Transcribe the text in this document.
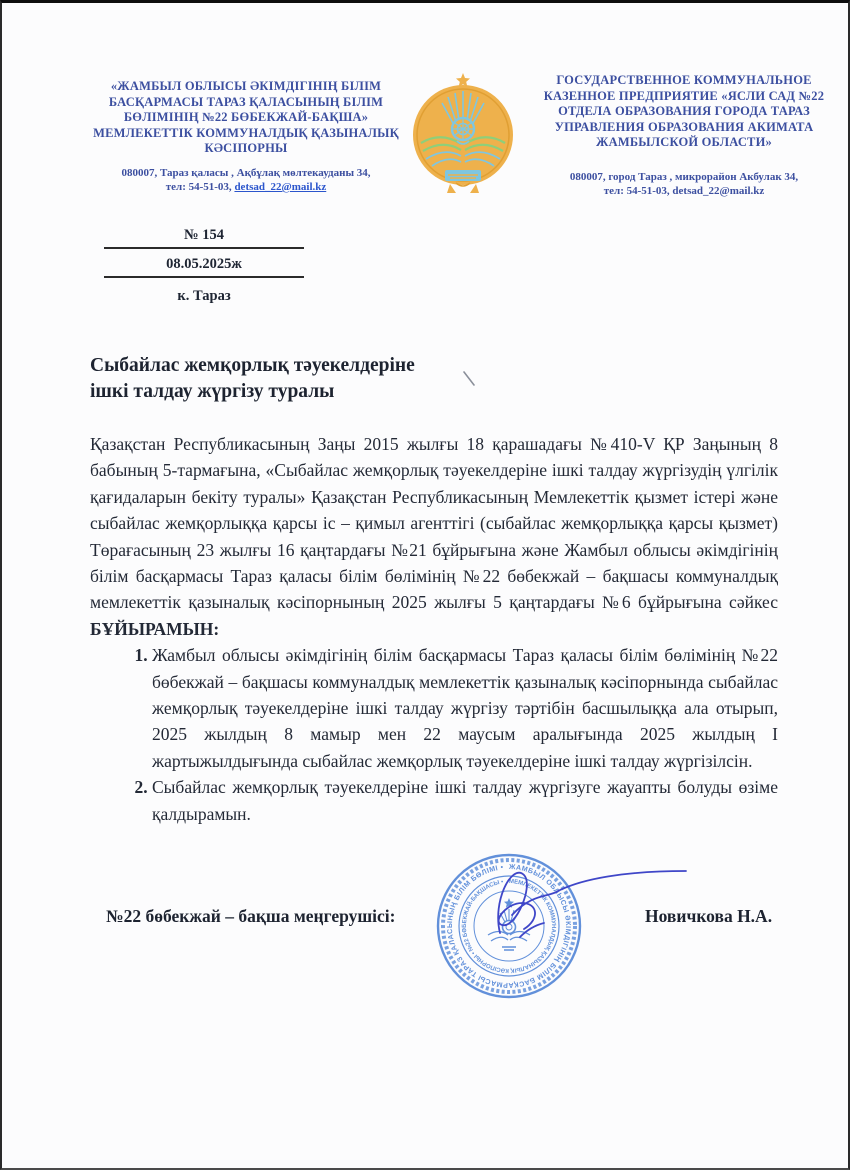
«ЖАМБЫЛ ОБЛЫСЫ ӘКІМДІГІНІҢ БІЛІМ БАСҚАРМАСЫ ТАРАЗ ҚАЛАСЫНЫҢ БІЛІМ БӨЛІМІНІҢ №22 БӨБЕКЖАЙ-БАҚША» МЕМЛЕКЕТТІК КОММУНАЛДЫҚ ҚАЗЫНАЛЫҚ КӘСІПОРНЫ
080007, Тараз қаласы , Ақбұлақ мөлтекауданы 34,
тел: 54-51-03, detsad_22@mail.kz
ГОСУДАРСТВЕННОЕ КОММУНАЛЬНОЕ КАЗЕННОЕ ПРЕДПРИЯТИЕ «ЯСЛИ САД №22 ОТДЕЛА ОБРАЗОВАНИЯ ГОРОДА ТАРАЗ УПРАВЛЕНИЯ ОБРАЗОВАНИЯ АКИМАТА ЖАМБЫЛСКОЙ ОБЛАСТИ»
080007, город Тараз , микрорайон Акбулак 34,
тел: 54-51-03, detsad_22@mail.kz
№ 154
08.05.2025ж
к. Тараз
Сыбайлас жемқорлық тәуекелдеріне
ішкі талдау жүргізу туралы

Қазақстан Республикасының Заңы 2015 жылғы 18 қарашадағы №410-V ҚР Заңының 8 бабының 5-тармағына, «Сыбайлас жемқорлық тәуекелдеріне ішкі талдау жүргізудің үлгілік қағидаларын бекіту туралы» Қазақстан Республикасының Мемлекеттік қызмет істері және сыбайлас жемқорлыққа қарсы іс – қимыл агенттігі (сыбайлас жемқорлыққа қарсы қызмет) Төрағасының 23 жылғы 16 қаңтардағы №21 бұйрығына және Жамбыл облысы әкімдігінің білім басқармасы Тараз қаласы білім бөлімінің №22 бөбекжай – бақшасы коммуналдық мемлекеттік қазыналық кәсіпорнының 2025 жылғы 5 қаңтардағы №6 бұйрығына сәйкес БҰЙЫРАМЫН:

1. Жамбыл облысы әкімдігінің білім басқармасы Тараз қаласы білім бөлімінің №22 бөбекжай – бақшасы коммуналдық мемлекеттік қазыналық кәсіпорнында сыбайлас жемқорлық тәуекелдеріне ішкі талдау жүргізу тәртібін басшылыққа ала отырып, 2025 жылдың 8 мамыр мен 22 маусым аралығында 2025 жылдың I жартыжылдығында сыбайлас жемқорлық тәуекелдеріне ішкі талдау жүргізілсін.
2. Сыбайлас жемқорлық тәуекелдеріне ішкі талдау жүргізуге жауапты болуды өзіме қалдырамын.
№22 бөбекжай – бақша меңгерушісі:	Новичкова Н.А.
ЖАМБЫЛ ОБЛЫСЫ ӘКІМДІГІНІҢ БІЛІМ БАСҚАРМАСЫ ТАРАЗ ҚАЛАСЫНЫҢ БІЛІМ БӨЛІМІ •
МЕМЛЕКЕТТІК КОММУНАЛДЫҚ ҚАЗЫНАЛЫҚ КӘСІПОРНЫ • №22 БӨБЕКЖАЙ-БАҚШАСЫ •
